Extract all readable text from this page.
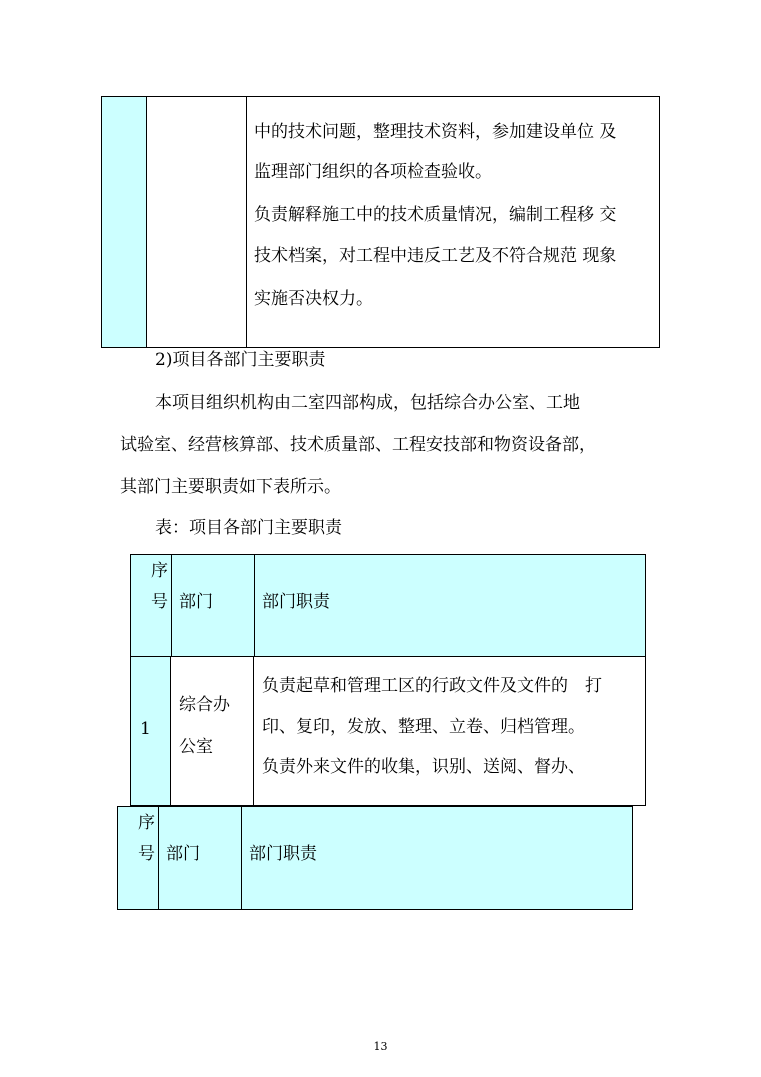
中的技术问题，整理技术资料，参加建设单位 及
监理部门组织的各项检查验收。
负责解释施工中的技术质量情况，编制工程移 交
技术档案，对工程中违反工艺及不符合规范 现象
实施否决权力。
2)项目各部门主要职责
本项目组织机构由二室四部构成，包括综合办公室、工地
试验室、经营核算部、技术质量部、工程安技部和物资设备部，
其部门主要职责如下表所示。
表：项目各部门主要职责
序
号 部门	部门职责
1
综合办
公室
负责起草和管理工区的行政文件及文件的　打
印、复印，发放、整理、立卷、归档管理。
负责外来文件的收集，识别、送阅、督办、
序
号 部门	部门职责
13
